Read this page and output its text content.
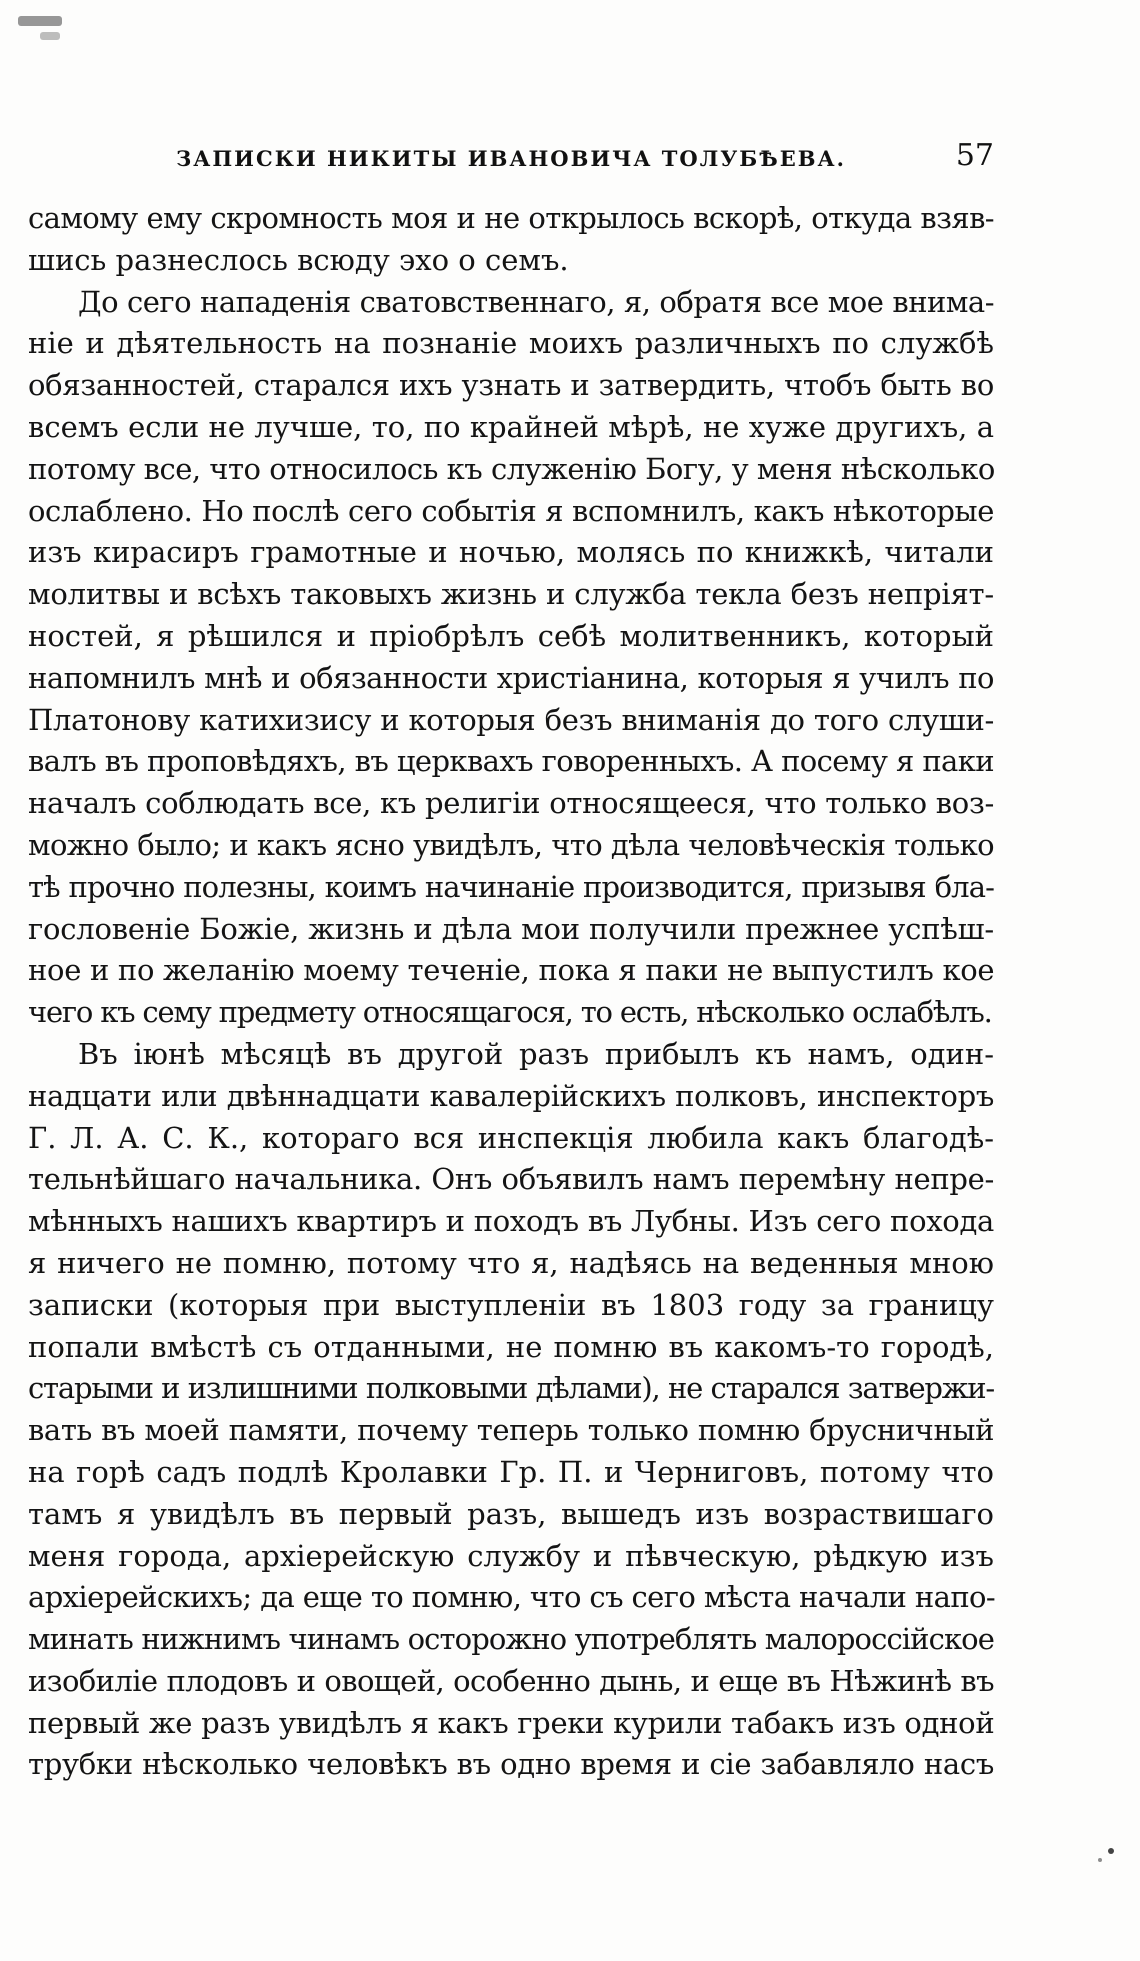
ЗАПИСКИ НИКИТЫ ИВАНОВИЧА ТОЛУБѢЕВА.	57
самому ему скромность моя и не открылось вскорѣ, откуда взяв-
шись разнеслось всюду эхо о семъ.
До сего нападенія сватовственнаго, я, обратя все мое внима-
ніе и дѣятельность на познаніе моихъ различныхъ по службѣ
обязанностей, старался ихъ узнать и затвердить, чтобъ быть во
всемъ если не лучше, то, по крайней мѣрѣ, не хуже другихъ, а
потому все, что относилось къ служенію Богу, у меня нѣсколько
ослаблено. Но послѣ сего событія я вспомнилъ, какъ нѣкоторые
изъ кирасиръ грамотные и ночью, молясь по книжкѣ, читали
молитвы и всѣхъ таковыхъ жизнь и служба текла безъ непріят-
ностей, я рѣшился и пріобрѣлъ себѣ молитвенникъ, который
напомнилъ мнѣ и обязанности христіанина, которыя я училъ по
Платонову катихизису и которыя безъ вниманія до того слуши-
валъ въ проповѣдяхъ, въ церквахъ говоренныхъ. А посему я паки
началъ соблюдать все, къ религіи относящееся, что только воз-
можно было; и какъ ясно увидѣлъ, что дѣла человѣческія только
тѣ прочно полезны, коимъ начинаніе производится, призывя бла-
гословеніе Божіе, жизнь и дѣла мои получили прежнее успѣш-
ное и по желанію моему теченіе, пока я паки не выпустилъ кое
чего къ сему предмету относящагося, то есть, нѣсколько ослабѣлъ.
Въ іюнѣ мѣсяцѣ въ другой разъ прибылъ къ намъ, один-
надцати или двѣннадцати кавалерійскихъ полковъ, инспекторъ
Г. Л. А. С. К., котораго вся инспекція любила какъ благодѣ-
тельнѣйшаго начальника. Онъ объявилъ намъ перемѣну непре-
мѣнныхъ нашихъ квартиръ и походъ въ Лубны. Изъ сего похода
я ничего не помню, потому что я, надѣясь на веденныя мною
записки (которыя при выступленіи въ 1803 году за границу
попали вмѣстѣ съ отданными, не помню въ какомъ-то городѣ,
старыми и излишними полковыми дѣлами), не старался затвержи-
вать въ моей памяти, почему теперь только помню брусничный
на горѣ садъ подлѣ Кролавки Гр. П. и Черниговъ, потому что
тамъ я увидѣлъ въ первый разъ, вышедъ изъ возраствишаго
меня города, архіерейскую службу и пѣвческую, рѣдкую изъ
архіерейскихъ; да еще то помню, что съ сего мѣста начали напо-
минать нижнимъ чинамъ осторожно употреблять малороссійское
изобиліе плодовъ и овощей, особенно дынь, и еще въ Нѣжинѣ въ
первый же разъ увидѣлъ я какъ греки курили табакъ изъ одной
трубки нѣсколько человѣкъ въ одно время и сіе забавляло насъ
